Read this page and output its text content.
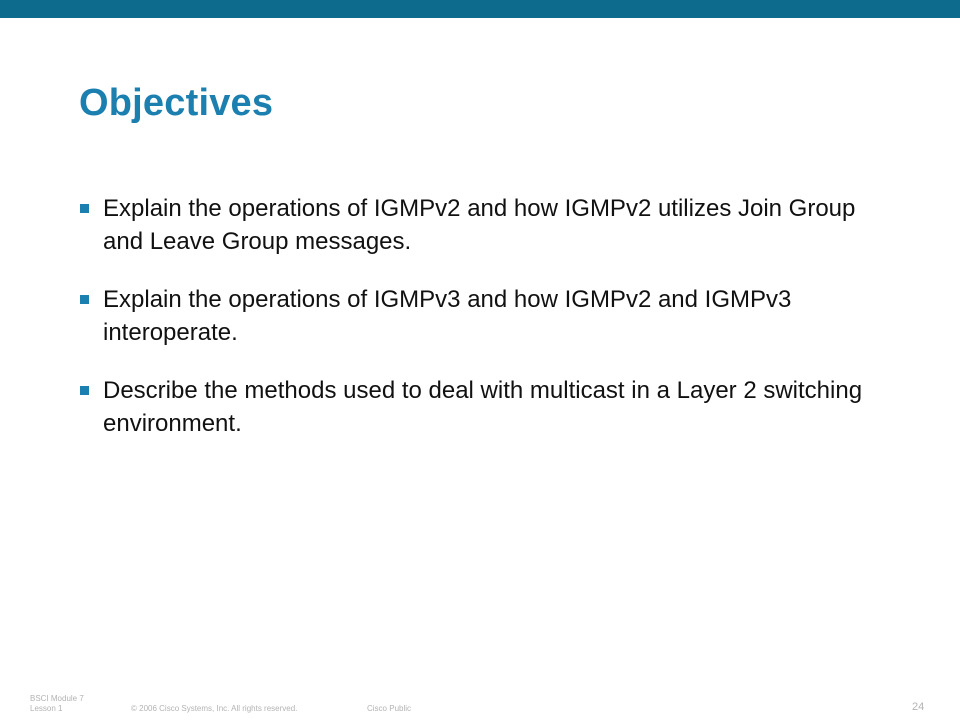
Objectives
Explain the operations of IGMPv2 and how IGMPv2 utilizes Join Group and Leave Group messages.
Explain the operations of IGMPv3 and how IGMPv2 and IGMPv3 interoperate.
Describe the methods used to deal with multicast in a Layer 2 switching environment.
BSCI Module 7
Lesson 1	© 2006 Cisco Systems, Inc. All rights reserved.	Cisco Public	24
